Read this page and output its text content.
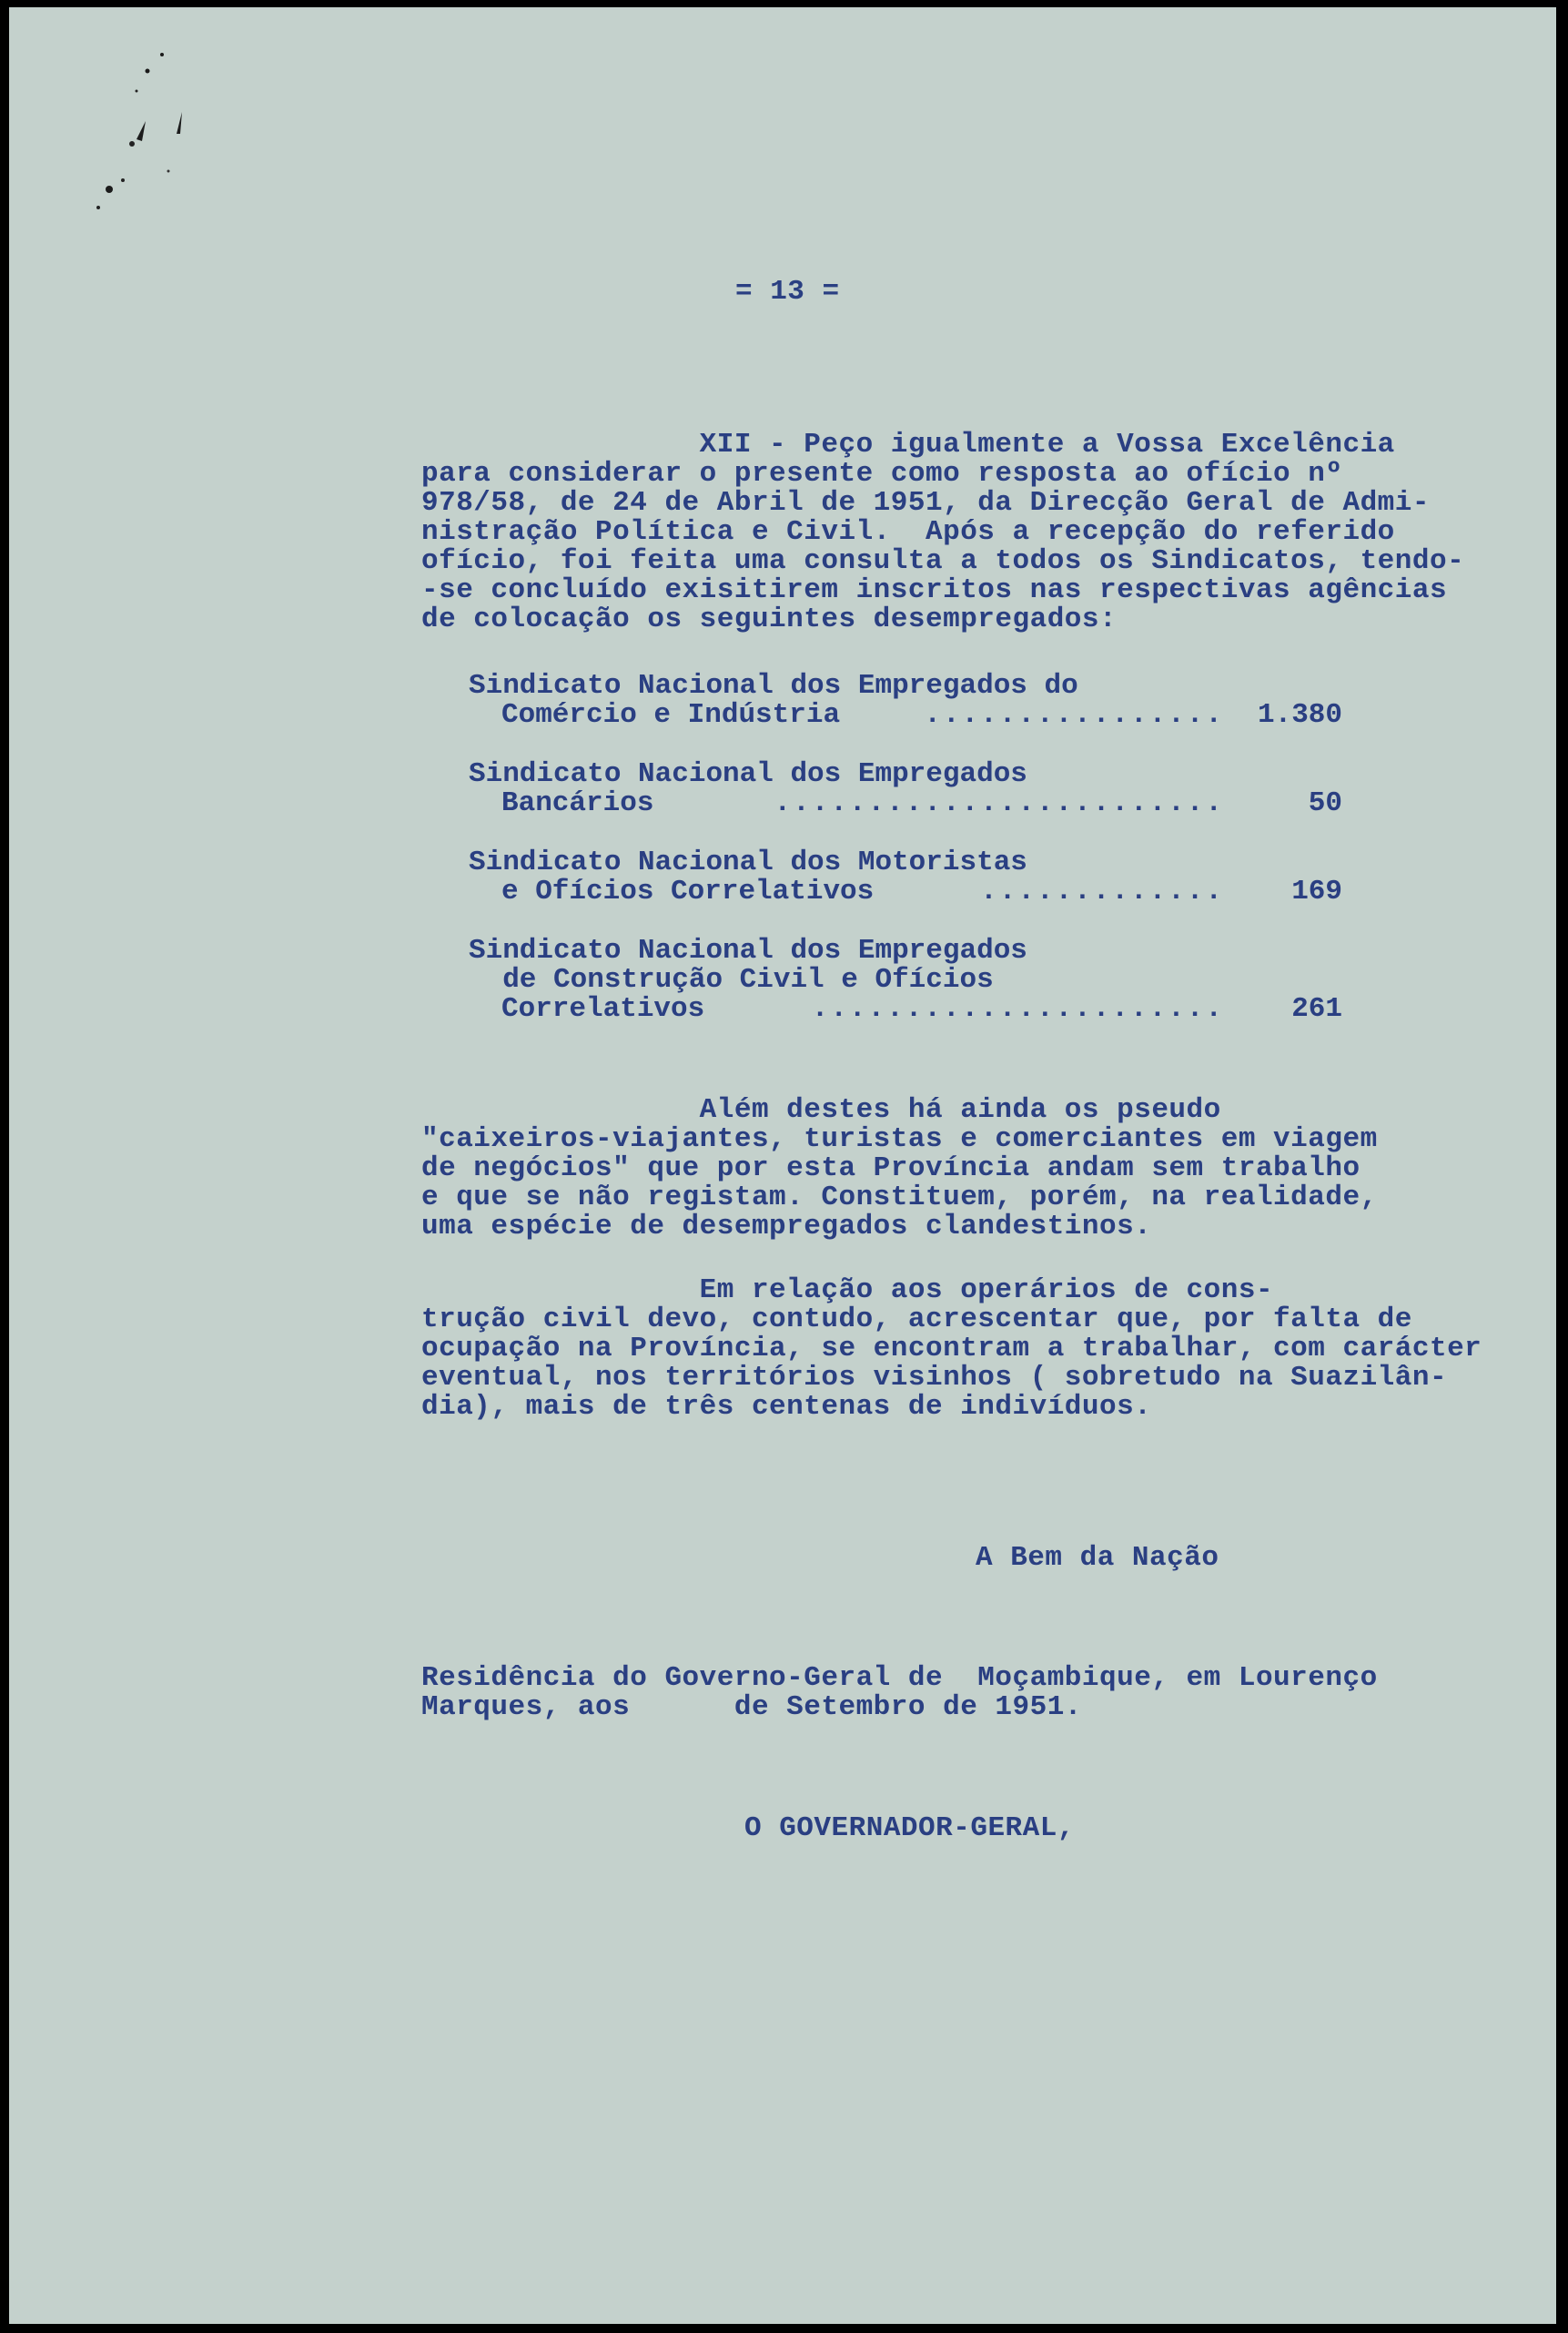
= 13 =
XII - Peço igualmente a Vossa Excelência
para considerar o presente como resposta ao ofício nº
978/58, de 24 de Abril de 1951, da Direcção Geral de Admi-
nistração Política e Civil.  Após a recepção do referido
ofício, foi feita uma consulta a todos os Sindicatos, tendo-
-se concluído exisitirem inscritos nas respectivas agências
de colocação os seguintes desempregados:
Sindicato Nacional dos Empregados do
Comércio e Indústria	................ 1.380
Sindicato Nacional dos Empregados
Bancários	........................	50
Sindicato Nacional dos Motoristas
e Ofícios Correlativos	............. 169
Sindicato Nacional dos Empregados
de Construção Civil e Ofícios
Correlativos	...................... 261
Além destes há ainda os pseudo
"caixeiros-viajantes, turistas e comerciantes em viagem
de negócios" que por esta Província andam sem trabalho
e que se não registam. Constituem, porém, na realidade,
uma espécie de desempregados clandestinos.
Em relação aos operários de cons-
trução civil devo, contudo, acrescentar que, por falta de
ocupação na Província, se encontram a trabalhar, com carácter
eventual, nos territórios visinhos ( sobretudo na Suazilân-
dia), mais de três centenas de indivíduos.
A Bem da Nação
Residência do Governo-Geral de  Moçambique, em Lourenço
Marques, aos      de Setembro de 1951.
O GOVERNADOR-GERAL,
